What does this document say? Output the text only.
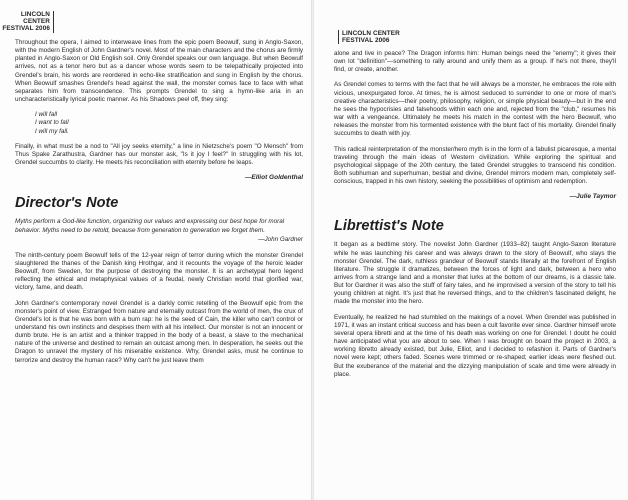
Throughout the opera, I aimed to interweave lines from the epic poem Beowulf, sung in Anglo-Saxon, with the modern English of John Gardner's novel. Most of the main characters and the chorus are firmly planted in Anglo-Saxon or Old English soil. Only Grendel speaks our own language. But when Beowulf arrives, not as a tenor hero but as a dancer whose words seem to be telepathically projected into Grendel's brain, his words are reordered in echo-like stratification and sung in English by the chorus. When Beowulf smashes Grendel's head against the wall, the monster comes face to face with what separates him from transcendence. This prompts Grendel to sing a hymn-like aria in an uncharacteristically lyrical poetic manner. As his Shadows peel off, they sing:

I will fall
I want to fall
I will my fall.

Finally, in what must be a nod to "All joy seeks eternity," a line in Nietzsche's poem "O Mensch" from Thus Spake Zarathustra, Gardner has our monster ask, "Is it joy I feel?" In struggling with his lot, Grendel succumbs to clarity. He meets his reconciliation with eternity before he leaps.

—Elliot Goldenthal

Director's Note

Myths perform a God-like function, organizing our values and expressing our best hope for moral behavior. Myths need to be retold, because from generation to generation we forget them.

—John Gardner

The ninth-century poem Beowulf tells of the 12-year reign of terror during which the monster Grendel slaughtered the thanes of the Danish king Hrothgar, and it recounts the voyage of the heroic leader Beowulf, from Sweden, for the purpose of destroying the monster. It is an archetypal hero legend reflecting the ethical and metaphysical values of a feudal, newly Christian world that glorified war, victory, fame, and death.

John Gardner's contemporary novel Grendel is a darkly comic retelling of the Beowulf epic from the monster's point of view. Estranged from nature and eternally outcast from the world of men, the crux of Grendel's lot is that he was born with a bum rap: he is the seed of Cain, the killer who can't control or understand his own instincts and despises them with all his intellect. Our monster is not an innocent or dumb brute. He is an artist and a thinker trapped in the body of a beast, a slave to the mechanical nature of the universe and destined to remain an outcast among men. In desperation, he seeks out the Dragon to unravel the mystery of his miserable existence. Why, Grendel asks, must he continue to terrorize and destroy the human race? Why can't he just leave them

LINCOLN CENTER
FESTIVAL 2006

alone and live in peace? The Dragon informs him: Human beings need the "enemy"; it gives their own lot "definition"—something to rally around and unify them as a group. If he's not there, they'll find, or create, another.

As Grendel comes to terms with the fact that he will always be a monster, he embraces the role with vicious, unexpurgated force. At times, he is almost seduced to surrender to one or more of man's creative characteristics—their poetry, philosophy, religion, or simple physical beauty—but in the end he sees the hypocrisies and falsehoods within each one and, rejected from the "club," resumes his war with a vengeance. Ultimately he meets his match in the contest with the hero Beowulf, who releases the monster from his tormented existence with the blunt fact of his mortality. Grendel finally succumbs to death with joy.

This radical reinterpretation of the monster/hero myth is in the form of a fabulist picaresque, a mental traveling through the main ideas of Western civilization. While exploring the spiritual and psychological slippage of the 20th century, the fated Grendel struggles to transcend his condition. Both subhuman and superhuman, bestial and divine, Grendel mirrors modern man, completely self-conscious, trapped in his own history, seeking the possibilities of optimism and redemption.

—Julie Taymor

Librettist's Note

It began as a bedtime story. The novelist John Gardner (1933–82) taught Anglo-Saxon literature while he was launching his career and was always drawn to the story of Beowulf, who slays the monster Grendel. The dark, ruthless grandeur of Beowulf stands literally at the forefront of English literature. The struggle it dramatizes, between the forces of light and dark, between a hero who arrives from a strange land and a monster that lurks at the bottom of our dreams, is a classic tale. But for Gardner it was also the stuff of fairy tales, and he improvised a version of the story to tell his young children at night. It's just that he reversed things, and to the children's fascinated delight, he made the monster into the hero.

Eventually, he realized he had stumbled on the makings of a novel. When Grendel was published in 1971, it was an instant critical success and has been a cult favorite ever since. Gardner himself wrote several opera libretti and at the time of his death was working on one for Grendel. I doubt he could have anticipated what you are about to see. When I was brought on board the project in 2003, a working libretto already existed, but Julie, Elliot, and I decided to refashion it. Parts of Gardner's novel were kept; others faded. Scenes were trimmed or re-shaped; earlier ideas were fleshed out. But the exuberance of the material and the dizzying manipulation of scale and time were already in place.

LINCOLN CENTER
FESTIVAL 2006
